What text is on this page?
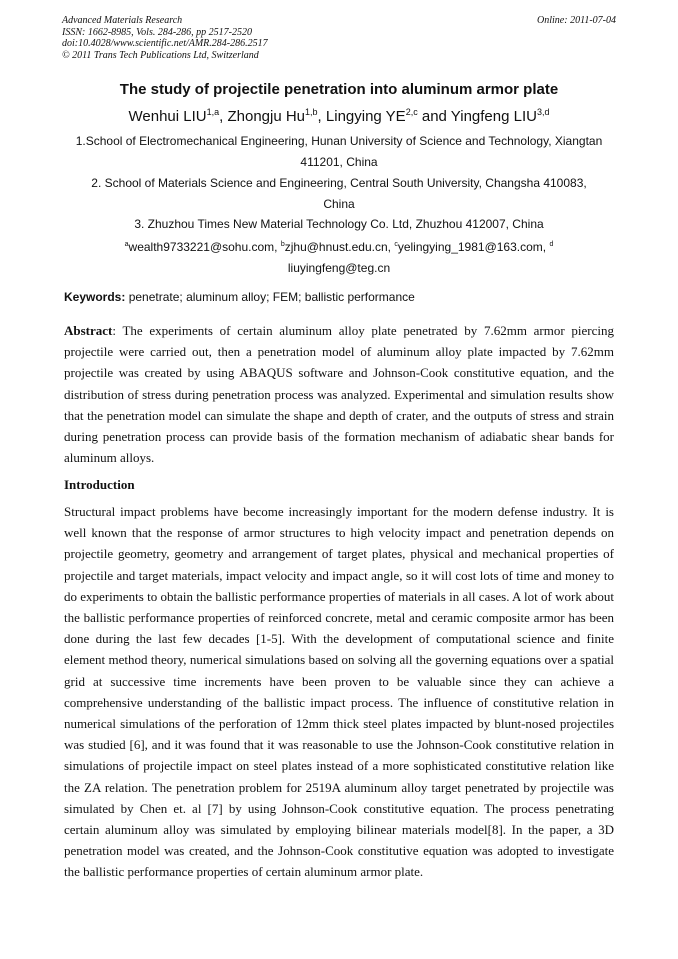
Advanced Materials Research
ISSN: 1662-8985, Vols. 284-286, pp 2517-2520
doi:10.4028/www.scientific.net/AMR.284-286.2517
© 2011 Trans Tech Publications Ltd, Switzerland
Online: 2011-07-04
The study of projectile penetration into aluminum armor plate
Wenhui LIU$^{1,a}$, Zhongju Hu$^{1,b}$, Lingying YE$^{2,c}$ and Yingfeng LIU$^{3,d}$
1.School of Electromechanical Engineering, Hunan University of Science and Technology, Xiangtan
411201, China
2. School of Materials Science and Engineering, Central South University, Changsha 410083,
China
3. Zhuzhou Times New Material Technology Co. Ltd, Zhuzhou 412007, China
$^a$wealth9733221@sohu.com, $^b$zjhu@hnust.edu.cn, $^c$yelingying_1981@163.com, $^d$
liuyingfeng@teg.cn
Keywords: penetrate; aluminum alloy; FEM; ballistic performance
Abstract: The experiments of certain aluminum alloy plate penetrated by 7.62mm armor piercing projectile were carried out, then a penetration model of aluminum alloy plate impacted by 7.62mm projectile was created by using ABAQUS software and Johnson-Cook constitutive equation, and the distribution of stress during penetration process was analyzed. Experimental and simulation results show that the penetration model can simulate the shape and depth of crater, and the outputs of stress and strain during penetration process can provide basis of the formation mechanism of adiabatic shear bands for aluminum alloys.
Introduction
Structural impact problems have become increasingly important for the modern defense industry. It is well known that the response of armor structures to high velocity impact and penetration depends on projectile geometry, geometry and arrangement of target plates, physical and mechanical properties of projectile and target materials, impact velocity and impact angle, so it will cost lots of time and money to do experiments to obtain the ballistic performance properties of materials in all cases. A lot of work about the ballistic performance properties of reinforced concrete, metal and ceramic composite armor has been done during the last few decades [1-5]. With the development of computational science and finite element method theory, numerical simulations based on solving all the governing equations over a spatial grid at successive time increments have been proven to be valuable since they can achieve a comprehensive understanding of the ballistic impact process. The influence of constitutive relation in numerical simulations of the perforation of 12mm thick steel plates impacted by blunt-nosed projectiles was studied [6], and it was found that it was reasonable to use the Johnson-Cook constitutive relation in simulations of projectile impact on steel plates instead of a more sophisticated constitutive relation like the ZA relation. The penetration problem for 2519A aluminum alloy target penetrated by projectile was simulated by Chen et. al [7] by using Johnson-Cook constitutive equation. The process penetrating certain aluminum alloy was simulated by employing bilinear materials model[8]. In the paper, a 3D penetration model was created, and the Johnson-Cook constitutive equation was adopted to investigate the ballistic performance properties of certain aluminum armor plate.
